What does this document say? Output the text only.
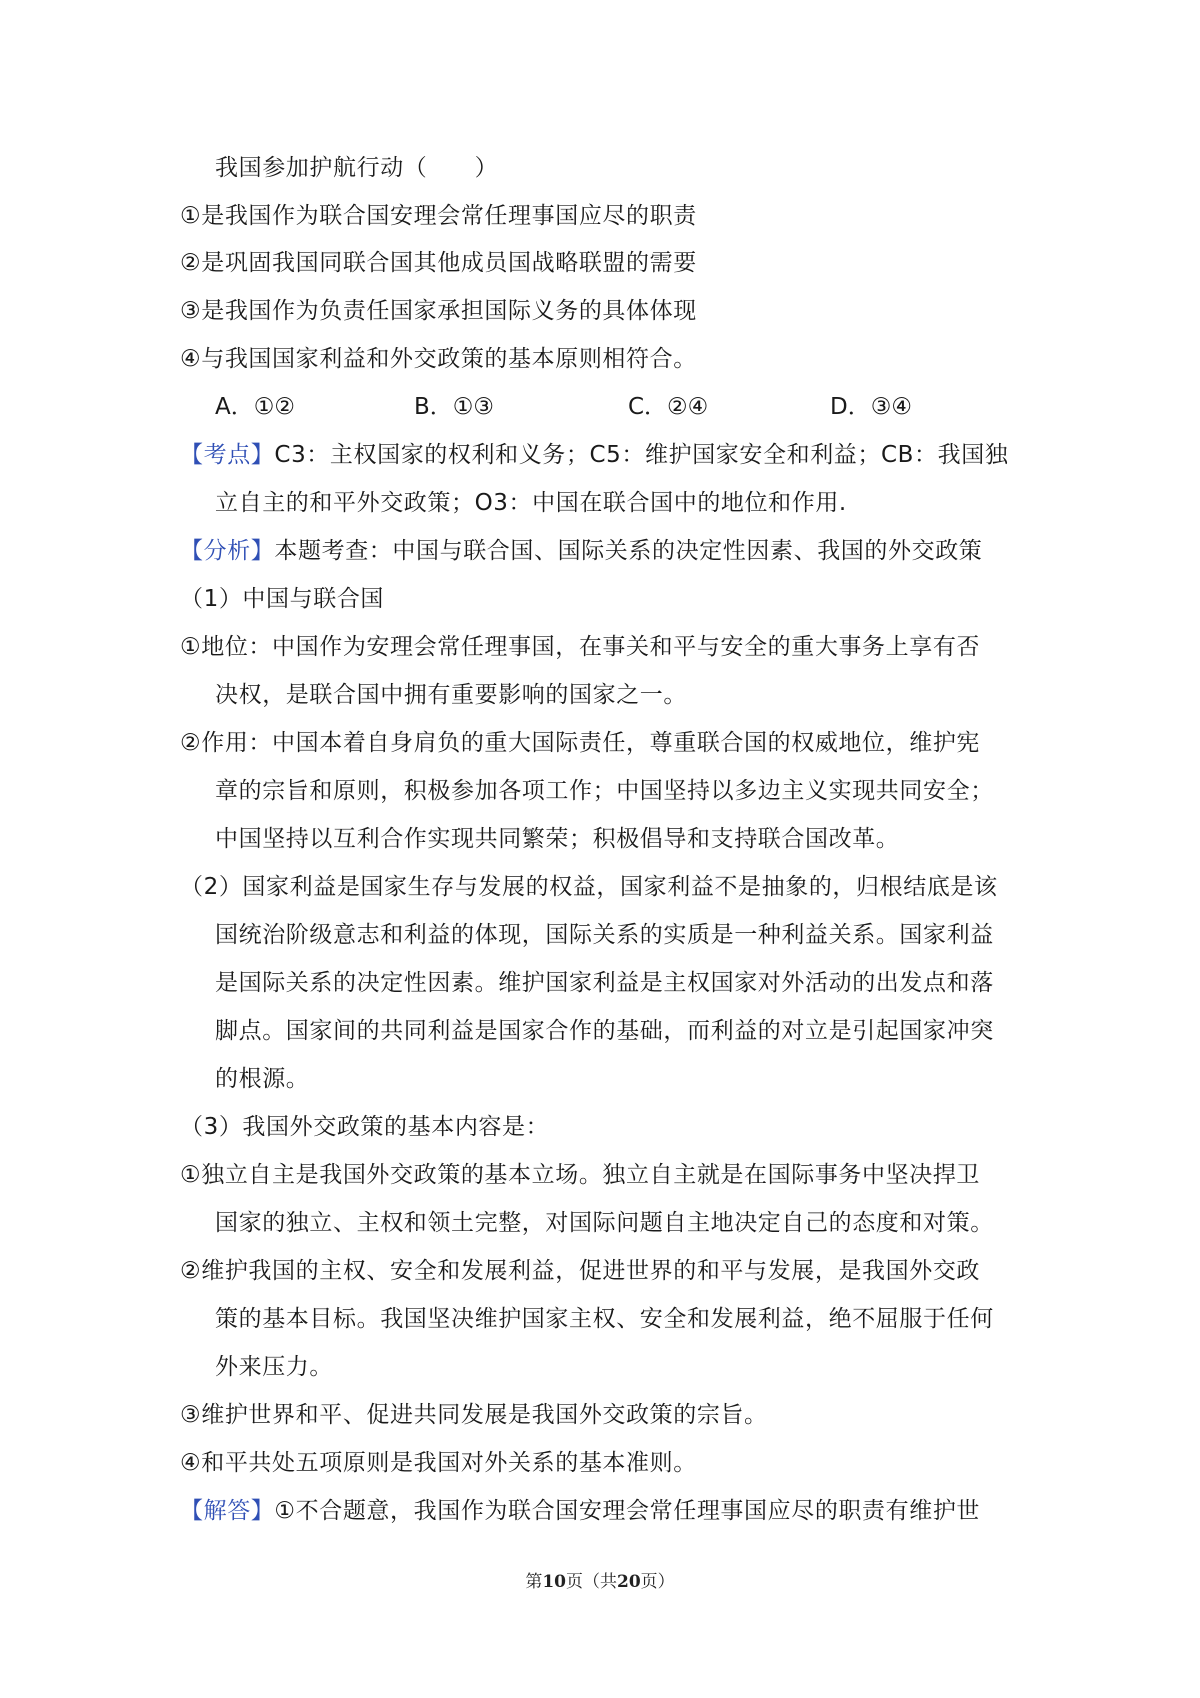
我国参加护航行动（　　）
①是我国作为联合国安理会常任理事国应尽的职责
②是巩固我国同联合国其他成员国战略联盟的需要
③是我国作为负责任国家承担国际义务的具体体现
④与我国国家利益和外交政策的基本原则相符合。
A．①②	B．①③	C．②④	D．③④
【考点】C3：主权国家的权利和义务；C5：维护国家安全和利益；CB：我国独
立自主的和平外交政策；O3：中国在联合国中的地位和作用.
【分析】本题考查：中国与联合国、国际关系的决定性因素、我国的外交政策
（1）中国与联合国
①地位：中国作为安理会常任理事国，在事关和平与安全的重大事务上享有否
决权，是联合国中拥有重要影响的国家之一。
②作用：中国本着自身肩负的重大国际责任，尊重联合国的权威地位，维护宪
章的宗旨和原则，积极参加各项工作；中国坚持以多边主义实现共同安全；
中国坚持以互利合作实现共同繁荣；积极倡导和支持联合国改革。
（2）国家利益是国家生存与发展的权益，国家利益不是抽象的，归根结底是该
国统治阶级意志和利益的体现，国际关系的实质是一种利益关系。国家利益
是国际关系的决定性因素。维护国家利益是主权国家对外活动的出发点和落
脚点。国家间的共同利益是国家合作的基础，而利益的对立是引起国家冲突
的根源。
（3）我国外交政策的基本内容是：
①独立自主是我国外交政策的基本立场。独立自主就是在国际事务中坚决捍卫
国家的独立、主权和领土完整，对国际问题自主地决定自己的态度和对策。
②维护我国的主权、安全和发展利益，促进世界的和平与发展，是我国外交政
策的基本目标。我国坚决维护国家主权、安全和发展利益，绝不屈服于任何
外来压力。
③维护世界和平、促进共同发展是我国外交政策的宗旨。
④和平共处五项原则是我国对外关系的基本准则。
【解答】①不合题意，我国作为联合国安理会常任理事国应尽的职责有维护世
第10页（共20页）
